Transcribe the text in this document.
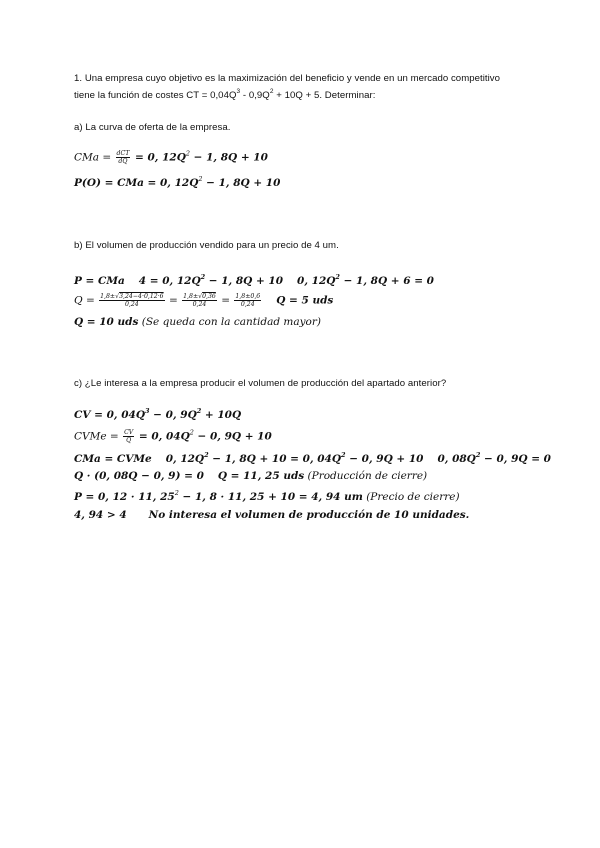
1. Una empresa cuyo objetivo es la maximización del beneficio y vende en un mercado competitivo
tiene la función de costes CT = $0,04Q^3 - 0,9Q^2 + 10Q + 5$. Determinar:
a) La curva de oferta de la empresa.
CMa = $\frac{\text{dCT}}{dQ} = 0$, $12Q^2 - 1$, 8Q + 10
P(O) = CMa = 0, $12Q^2 - 1$, 8Q + 10
b) El volumen de producción vendido para un precio de 4 um.
P = CMa 4 = 0, $12Q^2 - 1$, 8Q + 10 0, $12Q^2 - 1$, 8Q + 6 = 0
$Q = \frac{1,8\pm√3,24-4\cdot 0,12\cdot 6}{0,24} = \frac{1,8\pm√0,36}{0,24} = \frac{1,8\pm 0,6}{0,24}$ Q = 5 uds
Q = 10 uds (Se queda con la cantidad mayor)
c) ¿Le interesa a la empresa producir el volumen de producción del apartado anterior?
CV = 0, $04Q^3 - 0$, $9Q^2 + 10Q$
CVMe = $\frac{CV}{Q} = 0$, $04Q^2 - 0$, 9Q + 10
CMa = CVMe 0, $12Q^2 - 1$, 8Q + 10 = 0, $04Q^2 - 0$, 9Q + 10 0, $08Q^2 - 0$, 9Q = 0
Q · (0, 08Q − 0, 9) = 0 Q = 11, 25 uds (Producción de cierre)
P = 0, 12 · 11, $25^2 - 1$, 8 · 11, 25 + 10 = 4, 94 um (Precio de cierre)
4, 94 > 4 No interesa el volumen de producción de 10 unidades.
